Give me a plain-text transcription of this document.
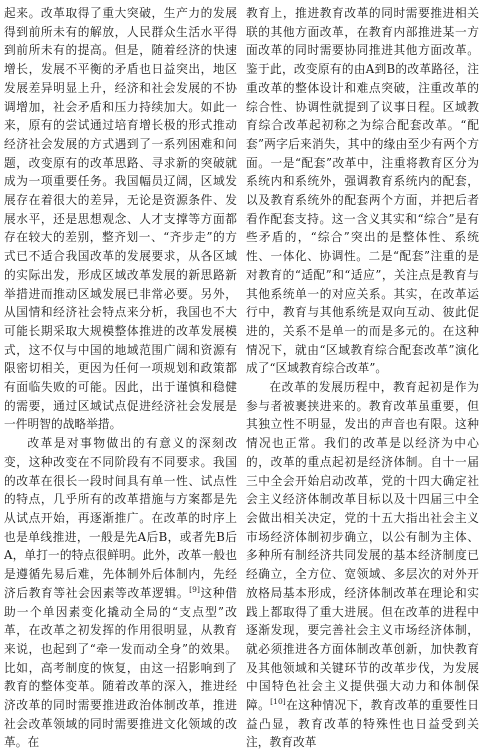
起来。改革取得了重大突破，生产力的发展得到前所未有的解放，人民群众生活水平得到前所未有的提高。但是，随着经济的快速增长，发展不平衡的矛盾也日益突出，地区发展差异明显上升，经济和社会发展的不协调增加，社会矛盾和压力持续加大。如此一来，原有的尝试通过培育增长极的形式推动经济社会发展的方式遇到了一系列困难和问题，改变原有的改革思路、寻求新的突破就成为一项重要任务。我国幅员辽阔，区域发展存在着很大的差异，无论是资源条件、发展水平，还是思想观念、人才支撑等方面都存在较大的差别，整齐划一、“齐步走”的方式已不适合我国改革的发展要求，从各区域的实际出发，形成区域改革发展的新思路新举措进而推动区域发展已非常必要。另外，从国情和经济社会特点来分析，我国也不大可能长期采取大规模整体推进的改革发展模式，这不仅与中国的地域范围广阔和资源有限密切相关，更因为任何一项规划和政策都有面临失败的可能。因此，出于谨慎和稳健的需要，通过区域试点促进经济社会发展是一件明智的战略举措。

改革是对事物做出的有意义的深刻改变，这种改变在不同阶段有不同要求。我国的改革在很长一段时间具有单一性、试点性的特点，几乎所有的改革措施与方案都是先从试点开始，再逐渐推广。在改革的时序上也是单线推进，一般是先A后B，或者先B后A，单打一的特点很鲜明。此外，改革一般也是遵循先易后难，先体制外后体制内，先经济后教育等社会因素等改革逻辑。[9]这种借助一个单因素变化撬动全局的“支点型”改革，在改革之初发挥的作用很明显，从教育来说，也起到了“牵一发而动全身”的效果。比如，高考制度的恢复，由这一招影响到了教育的整体变革。随着改革的深入，推进经济改革的同时需要推进政治体制改革，推进社会改革领域的同时需要推进文化领域的改革。在

教育上，推进教育改革的同时需要推进相关联的其他方面改革，在教育内部推进某一方面改革的同时需要协同推进其他方面改革。鉴于此，改变原有的由A到B的改革路径，注重改革的整体设计和难点突破，注重改革的综合性、协调性就提到了议事日程。区域教育综合改革起初称之为综合配套改革。“配套”两字后来消失，其中的缘由至少有两个方面。一是“配套”改革中，注重将教育区分为系统内和系统外，强调教育系统内的配套，以及教育系统外的配套两个方面，并把后者看作配套支持。这一含义其实和“综合”是有些矛盾的，“综合”突出的是整体性、系统性、一体化、协调性。二是“配套”注重的是对教育的“适配”和“适应”，关注点是教育与其他系统单一的对应关系。其实，在改革运行中，教育与其他系统是双向互动、彼此促进的，关系不是单一的而是多元的。在这种情况下，就由“区域教育综合配套改革”演化成了“区域教育综合改革”。

在改革的发展历程中，教育起初是作为参与者被裹挟进来的。教育改革虽重要，但其独立性不明显，发出的声音也有限。这种情况也正常。我们的改革是以经济为中心的，改革的重点起初是经济体制。自十一届三中全会开始启动改革，党的十四大确定社会主义经济体制改革目标以及十四届三中全会做出相关决定，党的十五大指出社会主义市场经济体制初步确立，以公有制为主体、多种所有制经济共同发展的基本经济制度已经确立，全方位、宽领域、多层次的对外开放格局基本形成，经济体制改革在理论和实践上都取得了重大进展。但在改革的进程中逐渐发现，要完善社会主义市场经济体制，就必须推进各方面体制改革创新，加快教育及其他领域和关键环节的改革步伐，为发展中国特色社会主义提供强大动力和体制保障。[10]在这种情况下，教育改革的重要性日益凸显，教育改革的特殊性也日益受到关注，教育改革
